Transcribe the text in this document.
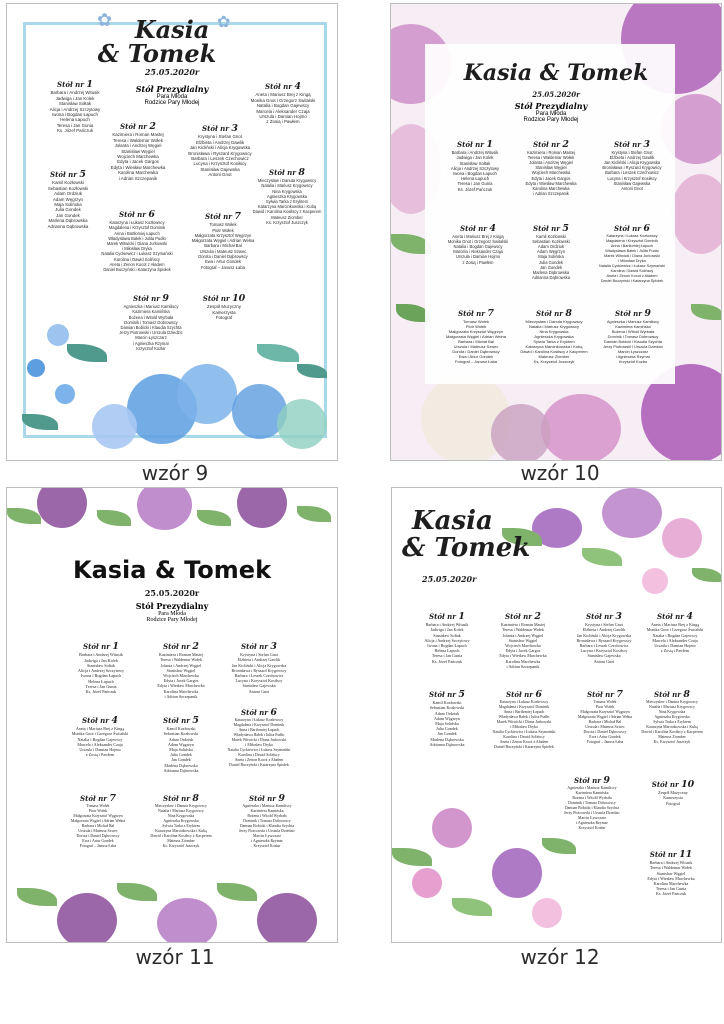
✿	✿
Kasia
& Tomek
25.05.2020r
Stół Prezydialny
Para Młoda
Rodzice Pary Młodej
Stół nr 1
Barbara i Andrzej Witusik
Jadwiga i Jan Kolek
Stanisław Sołtak
Alicja i Andrzej Szczytowy
Iwona i Bogdan Łapuch
Helena Łapuch
Teresa i Jan Gunia
Ks. Józef Pańczuk	Stół nr 2
Kazimiera i Roman Mastej
Teresa i Waldemar Wołek
Jolanta i Andrzej Węgiel
Stanisław Węgiel
Wojciech Marchewka
Edyta i Jacek Gargos
Edyta i Wiesław Marchewka
Karolina Marchewka
i Adrian Szczepanik
Stół nr 3
Krystyna i Stefan Gnot
Elżbieta i Andrzej Gawlik
Jan Kicliński i Alicja Krygowska
Bronisława i Ryszard Krygowscy
Barbara i Leszek Czechowicz
Lucyna i Krzysztof Kosiłscy
Stanisław Gajewska
Antoni Gnot
Stół nr 4
Aneta i Mariusz Brej z Kingą
Monika Gnot i Grzegorz Świtalski
Natalia i Bogdan Gajewscy
Marcela i Aleksander Czaja
Urszula i Damian Hojmo
z Zosią i Pawłem
Stół nr 5
Kamil Kozłowski
Sebastian Kozłowski
Adam Ordziuk
Adam Węgrzyn
Maja Solińska
Julia Gondek
Jan Gondek
Marlena Dąbrowska
Adrianna Dąbrowska
Stół nr 6
Katarzyna i Łukasz Kozłowscy
Magdalena i Krzysztof Dominik
Anna i Bartłomiej Łapuch
Władysława Bałek i Julita Pudło
Marek Witwicki i Diana Jurkowski
i Miłosław Dryka
Natalia Cyckiewicz i Łukasz Szymański
Karolina i Dawid Solińscy
Aneta i Zenon Kocot z Aładem
Daniel Buczyński i Katarzyna Śpiołek
Stół nr 7
Tomasz Wołek
Piotr Wołek
Małgorzata Krzysztof Węgrzyn
Małgorzata Węgiel i Adrian Wełna
Barbara i Michał Bal
Urszula i Mateusz Szwec
Dorota i Daniel Dąbrowscy
Ewa i Artur Gondek
Fotograf – Janusz Łaba
Stół nr 8
Mieczysław i Danuta Krygowscy
Natalia i Mariusz Krygowscy
Nina Krygowska
Agnieszka Krygowska
Sylwia Tarka z Eryktem
Katarzyna Marcinkowska i Kubą
Dawid i Karolina Kosiłscy z Kacperem
Mateusz Ziomber
Ks. Krzysztof Juszczyk
Stół nr 9
Agnieszka i Mariusz Kamiliscy
Kazimiera Kamińska
Bożena i Witold Wyrbała
Dominik i Tomasz Dobrowscy
Damian Bobicki i Klaudia Szychta
Jerzy Piotrowski i Urszula Dziedzic
Marcin Łyszczarz
i Agnieszka Rzymar
Krzysztof Kozłar
Stół nr 10
Zespół Muzyczny
Kamerzysta
Fotograf
wzór 9
Kasia & Tomek
25.05.2020r
Stół Prezydialny
Para Młoda
Rodzice Pary Młodej
Stół nr 1
Barbara i Andrzej Witusik
Jadwiga i Jan Kolek
Stanisław Sołtak
Alicja i Andrzej Szczytowy
Iwona i Bogdan Łapuch
Helena Łapuch
Teresa i Jan Gunia
Ks. Józef Pańczuk
Stół nr 2
Kazimiera i Roman Mastej
Teresa i Waldemar Wołek
Jolanta i Andrzej Węgiel
Stanisław Węgiel
Wojciech Marchewka
Edyta i Jacek Gargos
Edyta i Wiesław Marchewka
Karolina Marchewka
i Adrian Szczepanik
Stół nr 3
Krystyna i Stefan Gnot
Elżbieta i Andrzej Gawlik
Jan Kicliński i Alicja Krygowska
Bronisława i Ryszard Krygowscy
Barbara i Leszek Czechowicz
Lucyna i Krzysztof Kosiłscy
Stanisław Gajewska
Antoni Gnot
Stół nr 4
Aneta i Mariusz Brej z Kingą
Monika Gnot i Grzegorz Świtalski
Natalia i Bogdan Gajewscy
Marcela i Aleksander Czaja
Urszula i Damian Hojmo
z Zosią i Pawłem
Stół nr 5
Kamil Kozłowski
Sebastian Kozłowski
Adam Ordziuk
Adam Węgrzyn
Maja Solińska
Julia Gondek
Jan Gondek
Marlena Dąbrowska
Adrianna Dąbrowska
Stół nr 6
Katarzyna i Łukasz Kozłowscy
Magdalena i Krzysztof Dominik
Anna i Bartłomiej Łapuch
Władysława Bałek i Julita Pudło
Marek Witwicki i Diana Jurkowski
i Miłosław Dryka
Natalia Cyckiewicz i Łukasz Szymański
Karolina i Dawid Solińscy
Aneta i Zenon Kocot z Aładem
Daniel Buczyński i Katarzyna Śpiołek
Stół nr 7
Tomasz Wołek
Piotr Wołek
Małgorzata Krzysztof Węgrzyn
Małgorzata Węgiel i Adrian Wełna
Barbara i Michał Bal
Urszula i Mateusz Szwec
Dorota i Daniel Dąbrowscy
Ewa i Artur Gondek
Fotograf – Janusz Łaba
Stół nr 8
Mieczysław i Danuta Krygowscy
Natalia i Mariusz Krygowscy
Nina Krygowska
Agnieszka Krygowska
Sylwia Tarka z Eryktem
Katarzyna Marcinkowska i Kubą
Dawid i Karolina Kosiłscy z Kacperem
Mateusz Ziomber
Ks. Krzysztof Juszczyk
Stół nr 9
Agnieszka i Mariusz Kamiliscy
Kazimiera Kamińska
Bożena i Witold Wyrbała
Dominik i Tomasz Dobrowscy
Damian Bobicki i Klaudia Szychta
Jerzy Piotrowski i Urszula Dziedzic
Marcin Łyszczarz
i Agnieszka Rzymar
Krzysztof Kozłar
wzór 10
Kasia & Tomek
25.05.2020r
Stół Prezydialny
Para Młoda
Rodzice Pary Młodej
Stół nr 1
Barbara i Andrzej Witusik
Jadwiga i Jan Kolek
Stanisław Sołtak
Alicja i Andrzej Szczytowy
Iwona i Bogdan Łapuch
Helena Łapuch
Teresa i Jan Gunia
Ks. Józef Pańczuk
Stół nr 2
Kazimiera i Roman Mastej
Teresa i Waldemar Wołek
Jolanta i Andrzej Węgiel
Stanisław Węgiel
Wojciech Marchewka
Edyta i Jacek Gargos
Edyta i Wiesław Marchewka
Karolina Marchewka
i Adrian Szczepanik
Stół nr 3
Krystyna i Stefan Gnot
Elżbieta i Andrzej Gawlik
Jan Kicliński i Alicja Krygowska
Bronisława i Ryszard Krygowscy
Barbara i Leszek Czechowicz
Lucyna i Krzysztof Kosiłscy
Stanisław Gajewska
Antoni Gnot
Stół nr 4
Aneta i Mariusz Brej z Kingą
Monika Gnot i Grzegorz Świtalski
Natalia i Bogdan Gajewscy
Marcela i Aleksander Czaja
Urszula i Damian Hojmo
z Zosią i Pawłem
Stół nr 5
Kamil Kozłowski
Sebastian Kozłowski
Adam Ordziuk
Adam Węgrzyn
Maja Solińska
Julia Gondek
Jan Gondek
Marlena Dąbrowska
Adrianna Dąbrowska
Stół nr 6
Katarzyna i Łukasz Kozłowscy
Magdalena i Krzysztof Dominik
Anna i Bartłomiej Łapuch
Władysława Bałek i Julita Pudło
Marek Witwicki i Diana Jurkowski
i Miłosław Dryka
Natalia Cyckiewicz i Łukasz Szymański
Karolina i Dawid Solińscy
Aneta i Zenon Kocot z Aładem
Daniel Buczyński i Katarzyna Śpiołek
Stół nr 7
Tomasz Wołek
Piotr Wołek
Małgorzata Krzysztof Węgrzyn
Małgorzata Węgiel i Adrian Wełna
Barbara i Michał Bal
Urszula i Mateusz Szwec
Dorota i Daniel Dąbrowscy
Ewa i Artur Gondek
Fotograf – Janusz Łaba
Stół nr 8
Mieczysław i Danuta Krygowscy
Natalia i Mariusz Krygowscy
Nina Krygowska
Agnieszka Krygowska
Sylwia Tarka z Eryktem
Katarzyna Marcinkowska i Kubą
Dawid i Karolina Kosiłscy z Kacperem
Mateusz Ziomber
Ks. Krzysztof Juszczyk
Stół nr 9
Agnieszka i Mariusz Kamiliscy
Kazimiera Kamińska
Bożena i Witold Wyrbała
Dominik i Tomasz Dobrowscy
Damian Bobicki i Klaudia Szychta
Jerzy Piotrowski i Urszula Dziedzic
Marcin Łyszczarz
i Agnieszka Rzymar
Krzysztof Kozłar
wzór 11
Kasia
& Tomek
25.05.2020r
Stół nr 1
Barbara i Andrzej Witusik
Jadwiga i Jan Kolek
Stanisław Sołtak
Alicja i Andrzej Szczytowy
Iwona i Bogdan Łapuch
Helena Łapuch
Teresa i Jan Gunia
Ks. Józef Pańczuk
Stół nr 2
Kazimiera i Roman Mastej
Teresa i Waldemar Wołek
Jolanta i Andrzej Węgiel
Stanisław Węgiel
Wojciech Marchewka
Edyta i Jacek Gargos
Edyta i Wiesław Marchewka
Karolina Marchewka
i Adrian Szczepanik
Stół nr 3
Krystyna i Stefan Gnot
Elżbieta i Andrzej Gawlik
Jan Kicliński i Alicja Krygowska
Bronisława i Ryszard Krygowscy
Barbara i Leszek Czechowicz
Lucyna i Krzysztof Kosiłscy
Stanisław Gajewska
Antoni Gnot
Stół nr 4
Aneta i Mariusz Brej z Kingą
Monika Gnot i Grzegorz Świtalski
Natalia i Bogdan Gajewscy
Marcela i Aleksander Czaja
Urszula i Damian Hojmo
z Zosią i Pawłem
Stół nr 5
Kamil Kozłowski
Sebastian Kozłowski
Adam Ordziuk
Adam Węgrzyn
Maja Solińska
Julia Gondek
Jan Gondek
Marlena Dąbrowska
Adrianna Dąbrowska
Stół nr 6
Katarzyna i Łukasz Kozłowscy
Magdalena i Krzysztof Dominik
Anna i Bartłomiej Łapuch
Władysława Bałek i Julita Pudło
Marek Witwicki i Diana Jurkowski
i Miłosław Dryka
Natalia Cyckiewicz i Łukasz Szymański
Karolina i Dawid Solińscy
Aneta i Zenon Kocot z Aładem
Daniel Buczyński i Katarzyna Śpiołek
Stół nr 7
Tomasz Wołek
Piotr Wołek
Małgorzata Krzysztof Węgrzyn
Małgorzata Węgiel i Adrian Wełna
Barbara i Michał Bal
Urszula i Mateusz Szwec
Dorota i Daniel Dąbrowscy
Ewa i Artur Gondek
Fotograf – Janusz Łaba
Stół nr 8
Mieczysław i Danuta Krygowscy
Natalia i Mariusz Krygowscy
Nina Krygowska
Agnieszka Krygowska
Sylwia Tarka z Eryktem
Katarzyna Marcinkowska i Kubą
Dawid i Karolina Kosiłscy z Kacperem
Mateusz Ziomber
Ks. Krzysztof Juszczyk
Stół nr 9
Agnieszka i Mariusz Kamiliscy
Kazimiera Kamińska
Bożena i Witold Wyrbała
Dominik i Tomasz Dobrowscy
Damian Bobicki i Klaudia Szychta
Jerzy Piotrowski i Urszula Dziedzic
Marcin Łyszczarz
i Agnieszka Rzymar
Krzysztof Kozłar
Stół nr 10
Zespół Muzyczny
Kamerzysta
Fotograf
Stół nr 11
Barbara i Andrzej Witusik
Teresa i Waldemar Wołek
Stanisław Węgiel
Edyta i Wiesław Marchewka
Karolina Marchewka
Teresa i Jan Gunia
Ks. Józef Pańczuk
wzór 12
